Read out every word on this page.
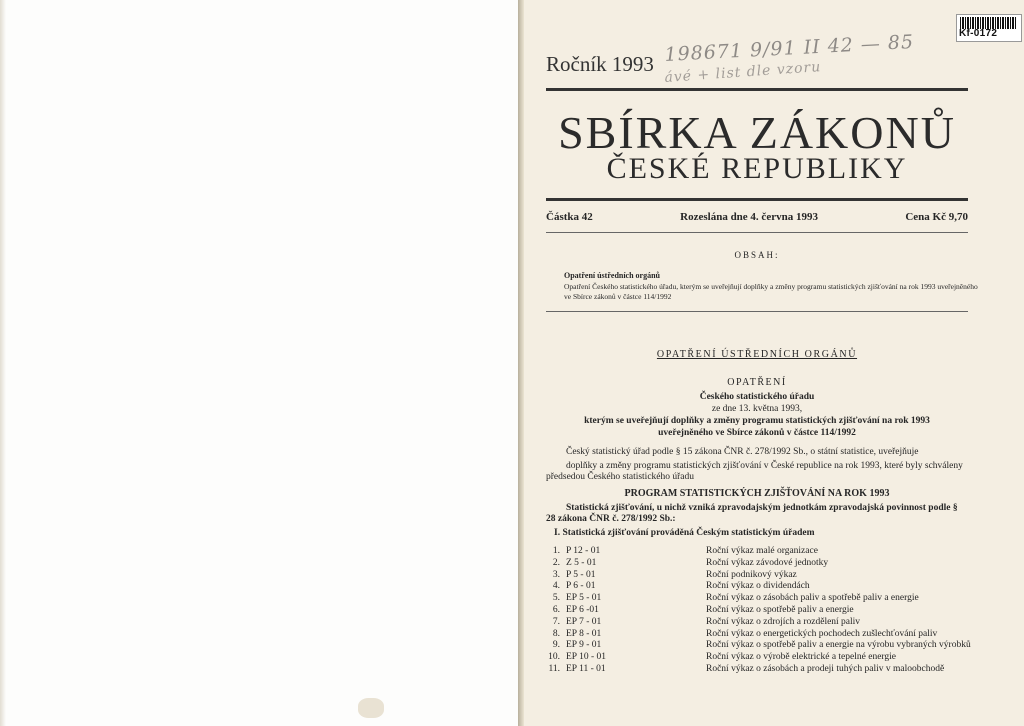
Kf-0172
Ročník 1993 198671 9/91 II 42 — 85
ávé + list dle vzoru
SBÍRKA ZÁKONŮ
ČESKÉ REPUBLIKY
Částka 42	Rozeslána dne 4. června 1993	Cena Kč 9,70
OBSAH:
Opatření ústředních orgánů
Opatření Českého statistického úřadu, kterým se uveřejňují doplňky a změny programu statistických zjišťování na rok 1993 uveřejněného ve Sbírce zákonů v částce 114/1992
OPATŘENÍ ÚSTŘEDNÍCH ORGÁNŮ
OPATŘENÍ
Českého statistického úřadu
ze dne 13. května 1993,
kterým se uveřejňují doplňky a změny programu statistických zjišťování na rok 1993
uveřejněného ve Sbírce zákonů v částce 114/1992
Český statistický úřad podle § 15 zákona ČNR č. 278/1992 Sb., o státní statistice, uveřejňuje
doplňky a změny programu statistických zjišťování v České republice na rok 1993, které byly schváleny předsedou Českého statistického úřadu
PROGRAM STATISTICKÝCH ZJIŠŤOVÁNÍ NA ROK 1993
Statistická zjišťování, u nichž vzniká zpravodajským jednotkám zpravodajská povinnost podle § 28 zákona ČNR č. 278/1992 Sb.:
I. Statistická zjišťování prováděná Českým statistickým úřadem
1. P 12 - 01	Roční výkaz malé organizace
2. Z 5 - 01	Roční výkaz závodové jednotky
3. P 5 - 01	Roční podnikový výkaz
4. P 6 - 01	Roční výkaz o dividendách
5. EP 5 - 01	Roční výkaz o zásobách paliv a spotřebě paliv a energie
6. EP 6 -01	Roční výkaz o spotřebě paliv a energie
7. EP 7 - 01	Roční výkaz o zdrojích a rozdělení paliv
8. EP 8 - 01	Roční výkaz o energetických pochodech zušlechťování paliv
9. EP 9 - 01	Roční výkaz o spotřebě paliv a energie na výrobu vybraných výrobků
10. EP 10 - 01	Roční výkaz o výrobě elektrické a tepelné energie
11. EP 11 - 01	Roční výkaz o zásobách a prodeji tuhých paliv v maloobchodě
